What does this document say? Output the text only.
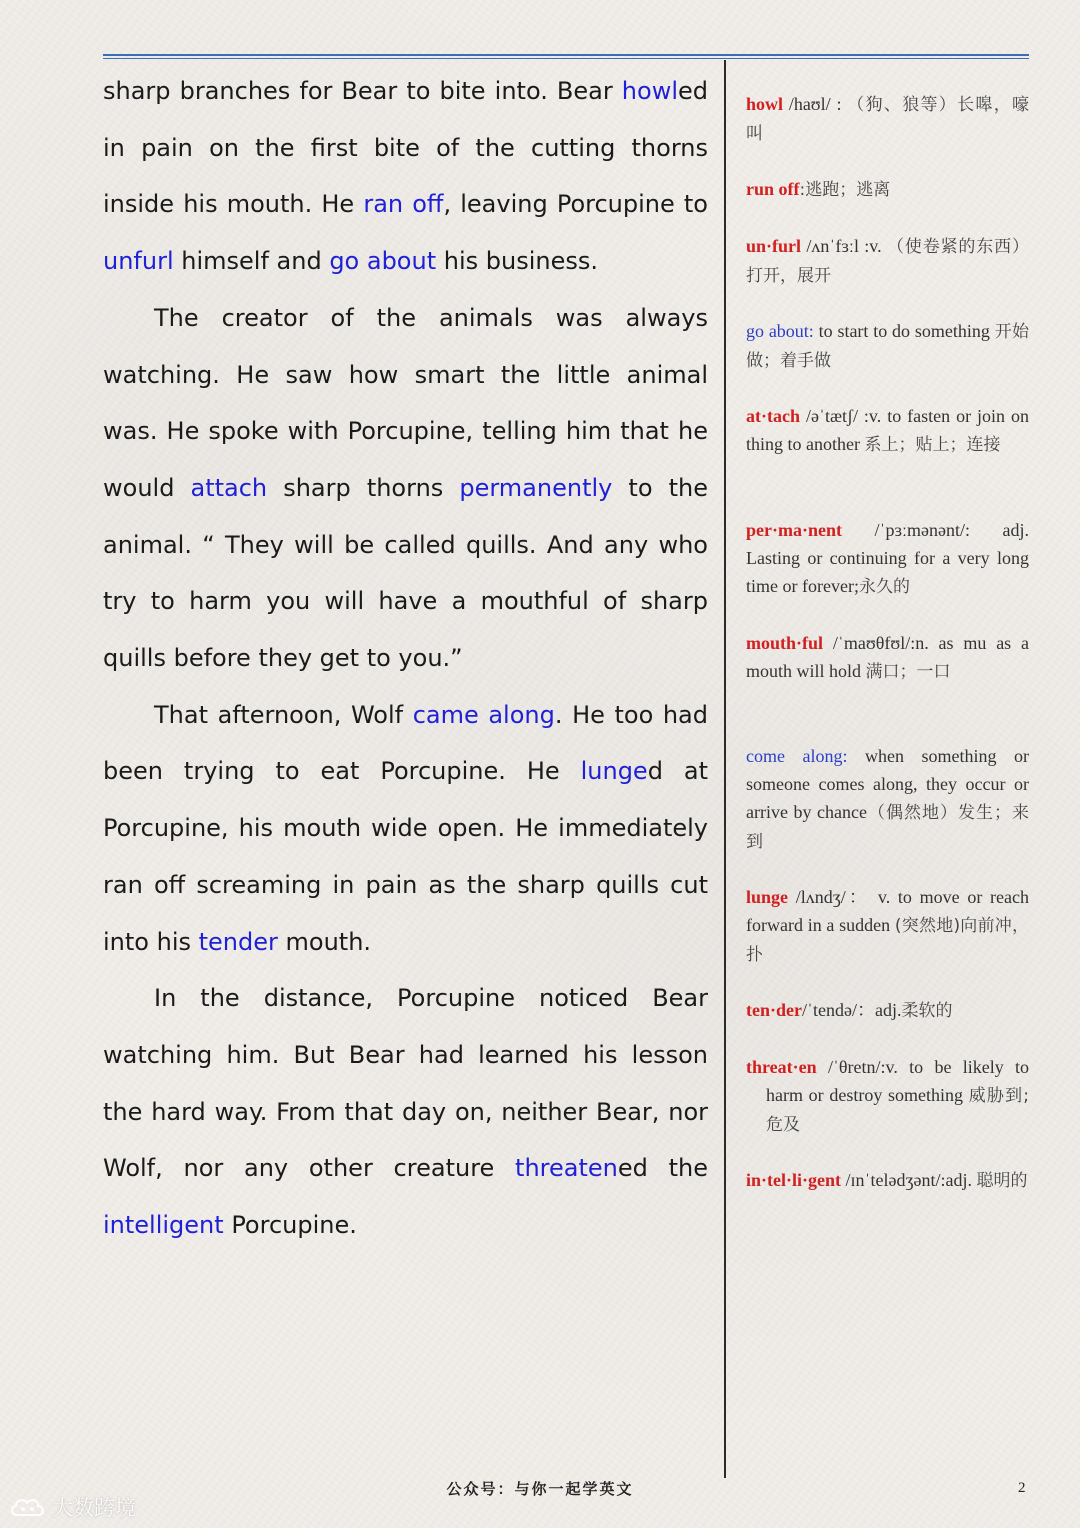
sharp branches for Bear to bite into. Bear howled in pain on the first bite of the cutting thorns inside his mouth. He ran off, leaving Porcupine to unfurl himself and go about his business.

The creator of the animals was always watching. He saw how smart the little animal was. He spoke with Porcupine, telling him that he would attach sharp thorns permanently to the animal. “ They will be called quills. And any who try to harm you will have a mouthful of sharp quills before they get to you.”

That afternoon, Wolf came along. He too had been trying to eat Porcupine. He lunged at Porcupine, his mouth wide open. He immediately ran off screaming in pain as the sharp quills cut into his tender mouth.

In the distance, Porcupine noticed Bear watching him. But Bear had learned his lesson the hard way. From that day on, neither Bear, nor Wolf, nor any other creature threatened the intelligent Porcupine.

howl /haʊl/ : （狗、狼等）长嗥，嚎叫
run off:逃跑；逃离
un·furl /ʌnˈfɜːl :v. （使卷紧的东西）打开，展开
go about: to start to do something 开始做；着手做
at·tach /əˈtætʃ/ :v. to fasten or join on thing to another 系上；贴上；连接
per·ma·nent /ˈpɜːmənənt/: adj. Lasting or continuing for a very long time or forever;永久的
mouth·ful /ˈmaʊθfʊl/:n. as mu as a mouth will hold 满口；一口
come along: when something or someone comes along, they occur or arrive by chance（偶然地）发生；来到
lunge /lʌndʒ/： v. to move or reach forward in a sudden (突然地)向前冲，扑
ten·der/ˈtendə/：adj.柔软的
threat·en /ˈθretn/:v. to be likely to harm or destroy something 威胁到;危及
in·tel·li·gent /ɪnˈtelədʒənt/:adj. 聪明的
公众号：与你一起学英文	2
大数跨境
